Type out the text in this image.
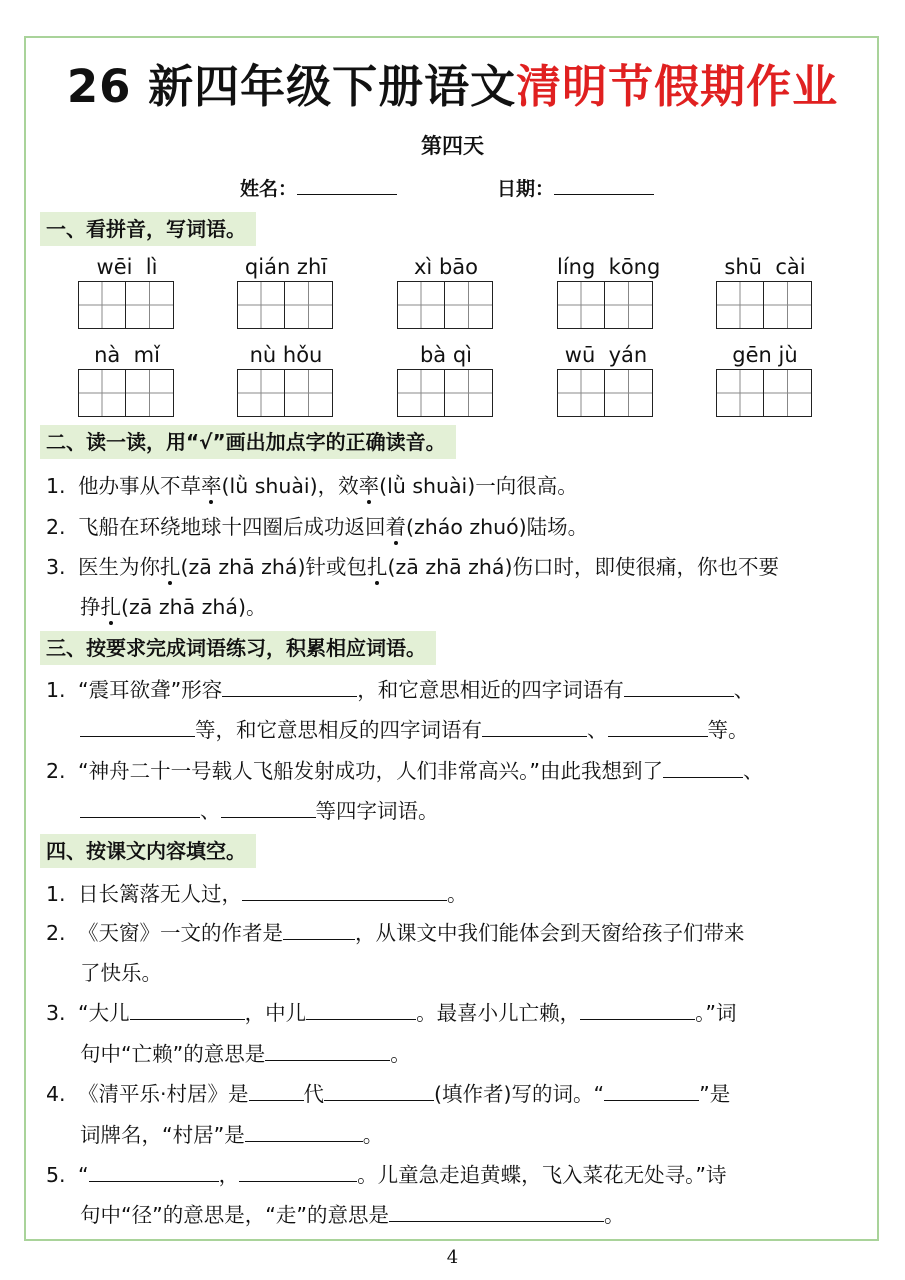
26 新四年级下册语文清明节假期作业
第四天
姓名：	日期：
一、看拼音，写词语。
wēi  lì	qián zhī	xì bāo	líng  kōng	shū  cài
nà  mǐ	nù hǒu	bà qì	wū  yán	gēn jù
二、读一读，用“√”画出加点字的正确读音。
1. 他办事从不草率(lǜ shuài)，效率(lǜ shuài)一向很高。
2. 飞船在环绕地球十四圈后成功返回着(zháo zhuó)陆场。
3. 医生为你扎(zā zhā zhá)针或包扎(zā zhā zhá)伤口时，即使很痛，你也不要
挣扎(zā zhā zhá)。
三、按要求完成词语练习，积累相应词语。
1. “震耳欲聋”形容	，和它意思相近的四字词语有	、
等，和它意思相反的四字词语有	、	等。
2. “神舟二十一号载人飞船发射成功，人们非常高兴。”由此我想到了	、
、	等四字词语。
四、按课文内容填空。
1. 日长篱落无人过，	。
2. 《天窗》一文的作者是	，从课文中我们能体会到天窗给孩子们带来
了快乐。
3. “大儿	，中儿	。最喜小儿亡赖，	。”词
句中“亡赖”的意思是	。
4. 《清平乐·村居》是	代	(填作者)写的词。“	”是
词牌名，“村居”是	。
5. “	，	。儿童急走追黄蝶，飞入菜花无处寻。”诗
句中“径”的意思是，“走”的意思是	。
4
